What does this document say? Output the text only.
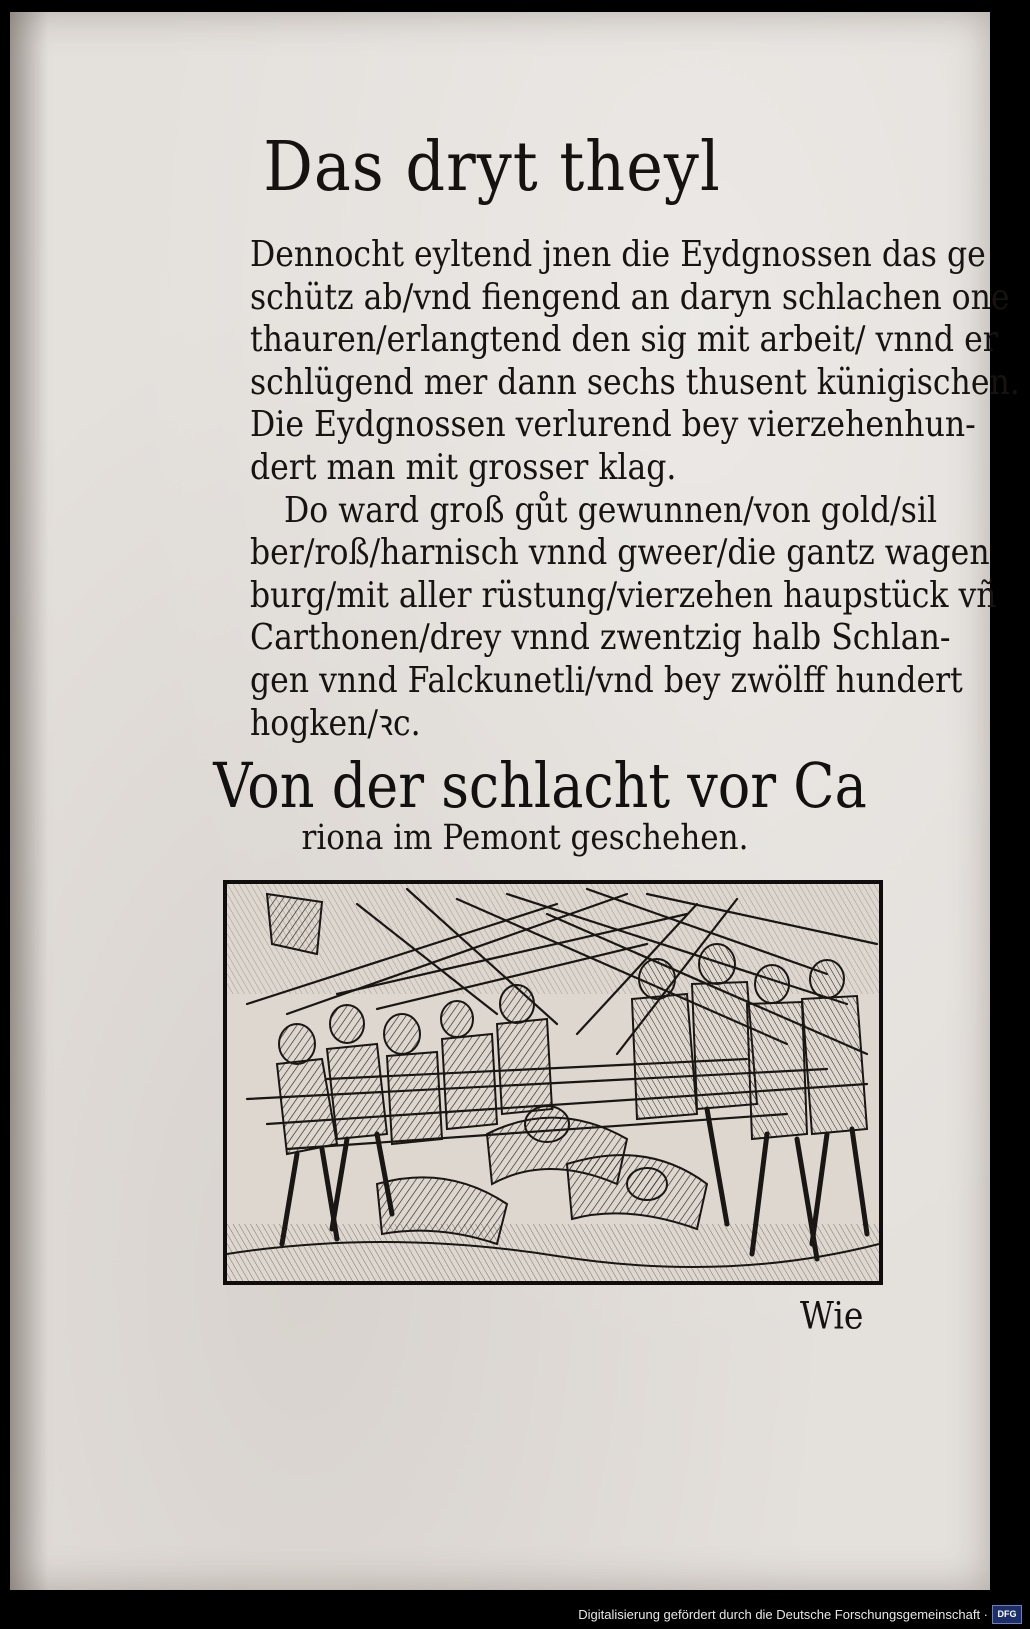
Das dryt theyl
Dennocht eyltend jnen die Eydgnossen das ge
schütz ab/vnd fiengend an daryn schlachen one
thauren/erlangtend den sig mit arbeit/ vnnd er
schlügend mer dann sechs thusent künigischen.
Die Eydgnossen verlurend bey vierzehenhun-
dert man mit grosser klag.
Do ward groß gůt gewunnen/von gold/sil
ber/roß/harnisch vnnd gweer/die gantz wagen
burg/mit aller rüstung/vierzehen haupstück vñ
Carthonen/drey vnnd zwentzig halb Schlan-
gen vnnd Falckunetli/vnd bey zwölff hundert
hogken/ꝛc.
Von der schlacht vor Ca
riona im Pemont geschehen.
Wie
Digitalisierung gefördert durch die Deutsche Forschungsgemeinschaft ·	DFG
